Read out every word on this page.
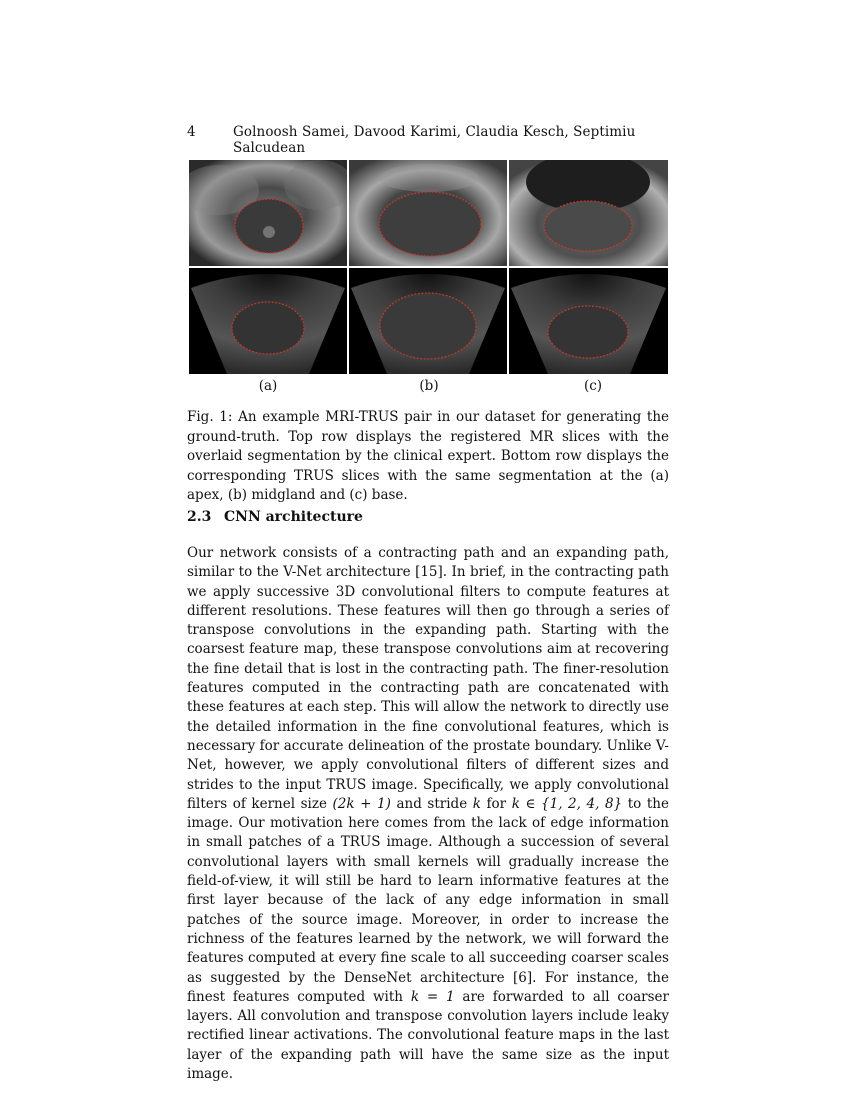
4	Golnoosh Samei, Davood Karimi, Claudia Kesch, Septimiu Salcudean
(a)	(b)	(c)
Fig. 1: An example MRI-TRUS pair in our dataset for generating the ground-truth. Top row displays the registered MR slices with the overlaid segmentation by the clinical expert. Bottom row displays the corresponding TRUS slices with the same segmentation at the (a) apex, (b) midgland and (c) base.
2.3 CNN architecture
Our network consists of a contracting path and an expanding path, similar to the V-Net architecture [15]. In brief, in the contracting path we apply successive 3D convolutional filters to compute features at different resolutions. These features will then go through a series of transpose convolutions in the expanding path. Starting with the coarsest feature map, these transpose convolutions aim at recovering the fine detail that is lost in the contracting path. The finer-resolution features computed in the contracting path are concatenated with these features at each step. This will allow the network to directly use the detailed information in the fine convolutional features, which is necessary for accurate delineation of the prostate boundary. Unlike V-Net, however, we apply convolutional filters of different sizes and strides to the input TRUS image. Specifically, we apply convolutional filters of kernel size (2k + 1) and stride k for k ∈ {1, 2, 4, 8} to the image. Our motivation here comes from the lack of edge information in small patches of a TRUS image. Although a succession of several convolutional layers with small kernels will gradually increase the field-of-view, it will still be hard to learn informative features at the first layer because of the lack of any edge information in small patches of the source image. Moreover, in order to increase the richness of the features learned by the network, we will forward the features computed at every fine scale to all succeeding coarser scales as suggested by the DenseNet architecture [6]. For instance, the finest features computed with k = 1 are forwarded to all coarser layers. All convolution and transpose convolution layers include leaky rectified linear activations. The convolutional feature maps in the last layer of the expanding path will have the same size as the input image.
